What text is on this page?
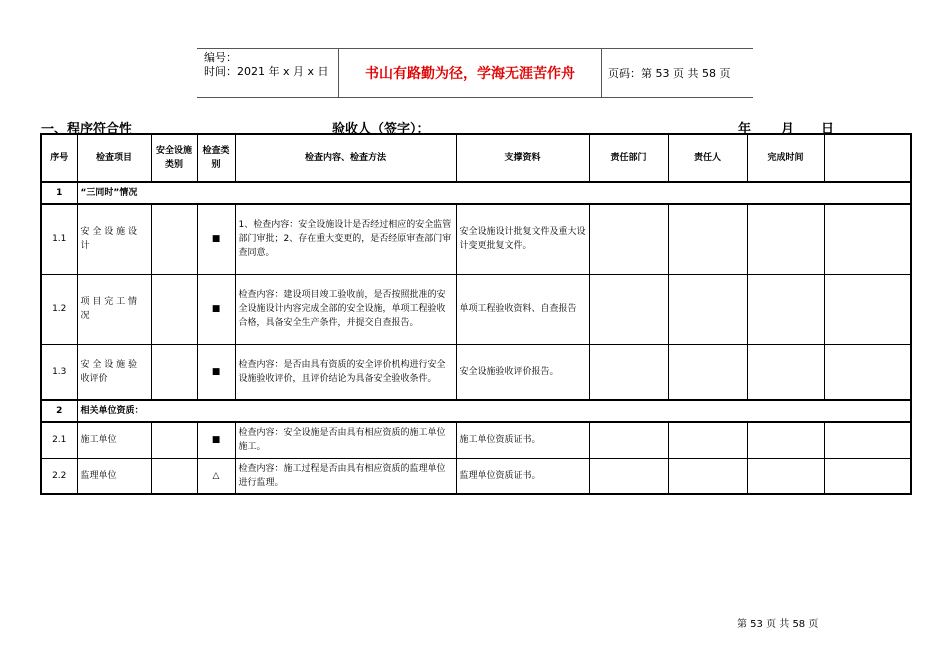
编号：
时间：2021 年 x 月 x 日	书山有路勤为径，学海无涯苦作舟	页码：第 53 页 共 58 页
一、程序符合性	验收人（签字）：	年 月 日
序号	检查项目	安全设施类别	检查类别	检查内容、检查方法	支撑资料	责任部门	责任人	完成时间	
1	“三同时”情况								
1.1	安 全 设 施 设 计		■	1、检查内容：安全设施设计是否经过相应的安全监管部门审批；2、存在重大变更的，是否经原审查部门审查同意。	安全设施设计批复文件及重大设计变更批复文件。				
1.2	项 目 完 工 情 况		■	检查内容：建设项目竣工验收前，是否按照批准的安全设施设计内容完成全部的安全设施，单项工程验收合格，具备安全生产条件，并提交自查报告。	单项工程验收资料、自查报告				
1.3	安 全 设 施 验 收评价		■	检查内容：是否由具有资质的安全评价机构进行安全设施验收评价，且评价结论为具备安全验收条件。	安全设施验收评价报告。				
2	相关单位资质：								
2.1	施工单位		■	检查内容：安全设施是否由具有相应资质的施工单位施工。	施工单位资质证书。				
2.2	监理单位		△	检查内容：施工过程是否由具有相应资质的监理单位进行监理。	监理单位资质证书。				
第 53 页 共 58 页
